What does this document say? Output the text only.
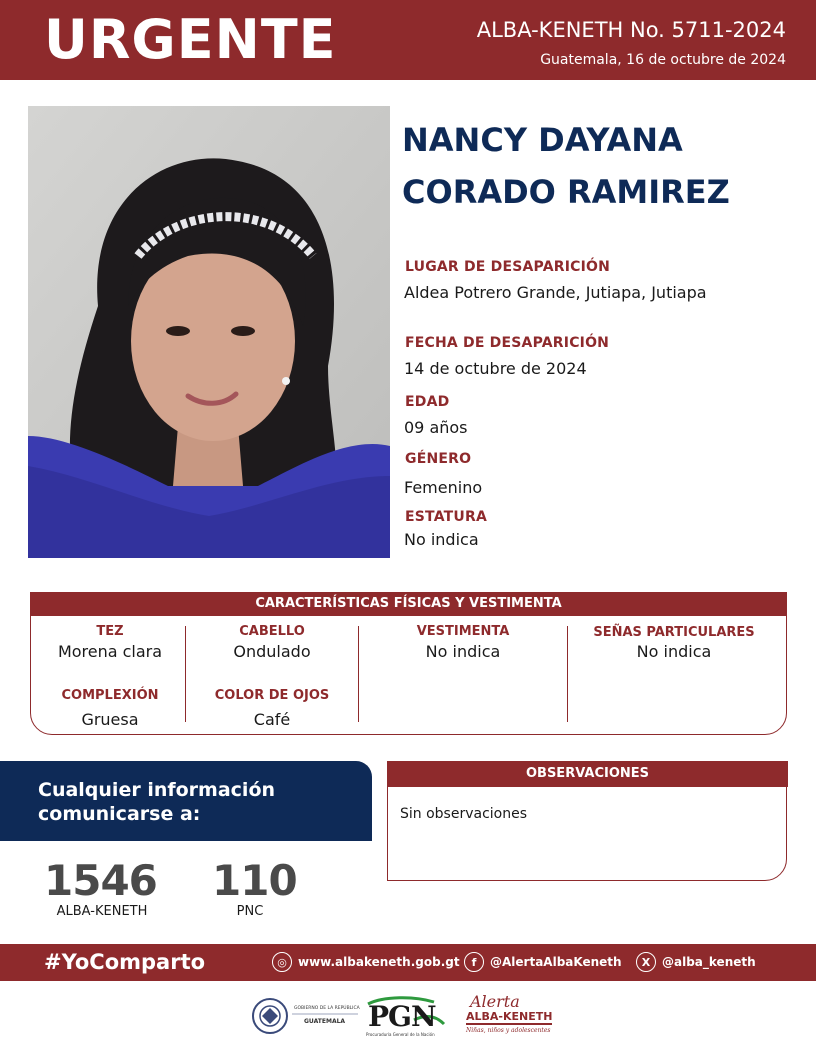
URGENTE	ALBA-KENETH No. 5711-2024
Guatemala, 16 de octubre de 2024
NANCY DAYANA
CORADO RAMIREZ
LUGAR DE DESAPARICIÓN
Aldea Potrero Grande, Jutiapa, Jutiapa
FECHA DE DESAPARICIÓN
14 de octubre de 2024
EDAD
09 años
GÉNERO
Femenino
ESTATURA
No indica
CARACTERÍSTICAS FÍSICAS Y VESTIMENTA
TEZ
Morena clara
COMPLEXIÓN
Gruesa
CABELLO
Ondulado
COLOR DE OJOS
Café
VESTIMENTA
No indica
SEÑAS PARTICULARES
No indica
Cualquier información
comunicarse a:
1546
ALBA-KENETH
110
PNC
OBSERVACIONES
Sin observaciones
#YoComparto	◎ www.albakeneth.gob.gt	f	@AlertaAlbaKeneth	X @alba_keneth
GOBIERNO DE LA REPÚBLICA
GUATEMALA PGN
Procuraduría General de la Nación
Alerta
ALBA-KENETH
Niñas, niños y adolescentes
